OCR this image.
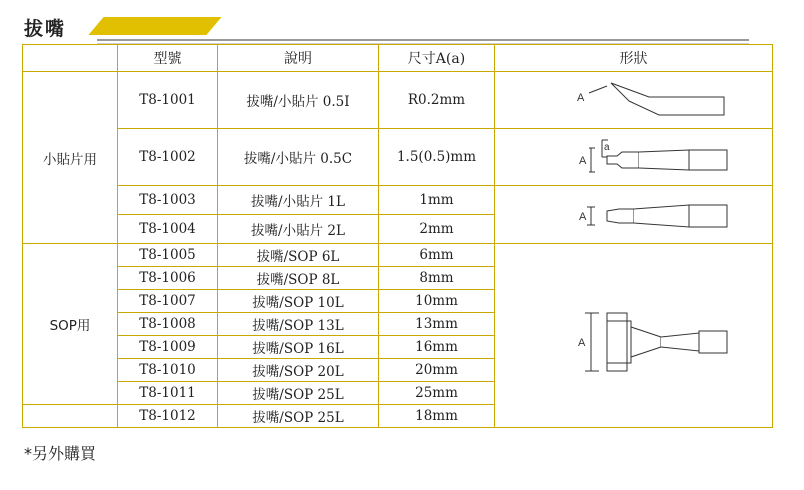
拔嘴
	型號	說明	尺寸A(a)	形狀
小貼片用	T8-1001	拔嘴/小貼片 0.5I	R0.2mm	A

	T8-1002	拔嘴/小貼片 0.5C	1.5(0.5)mm	A
a

	T8-1003	拔嘴/小貼片 1L	1mm	A

	T8-1004	拔嘴/小貼片 2L	2mm	
SOP用	T8-1005	拔嘴/SOP 6L	6mm	A

	T8-1006	拔嘴/SOP 8L	8mm	
	T8-1007	拔嘴/SOP 10L	10mm	
	T8-1008	拔嘴/SOP 13L	13mm	
	T8-1009	拔嘴/SOP 16L	16mm	
	T8-1010	拔嘴/SOP 20L	20mm	
	T8-1011	拔嘴/SOP 25L	25mm	
	T8-1012	拔嘴/SOP 25L	18mm	
*另外購買
